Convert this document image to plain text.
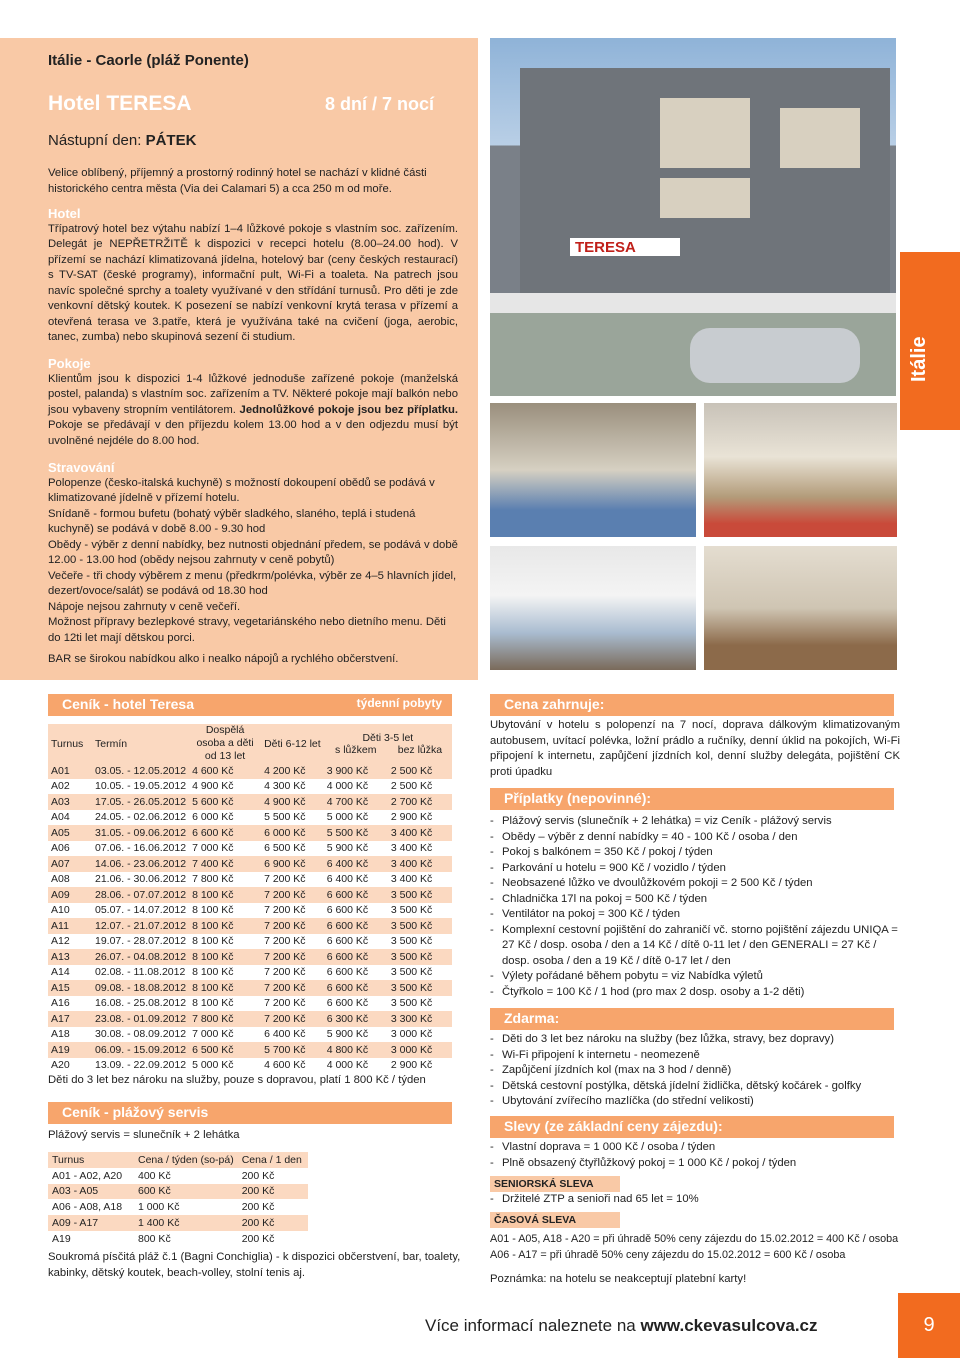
Itálie - Caorle (pláž Ponente)
Hotel TERESA	8 dní / 7 nocí
Nástupní den: PÁTEK
Velice oblíbený, příjemný a prostorný rodinný hotel se nachází v klidné části historického centra města (Via dei Calamari 5) a cca 250 m od moře.
Hotel
Třípatrový hotel bez výtahu nabízí 1–4 lůžkové pokoje s vlastním soc. zařízením. Delegát je NEPŘETRŽITĚ k dispozici v recepci hotelu (8.00–24.00 hod). V přízemí se nachází klimatizovaná jídelna, hotelový bar (ceny českých restaurací) s TV-SAT (české programy), informační pult, Wi-Fi a toaleta. Na patrech jsou navíc společné sprchy a toalety využívané v den střídání turnusů. Pro děti je zde venkovní dětský koutek. K posezení se nabízí venkovní krytá terasa v přízemí a otevřená terasa ve 3.patře, která je využívána také na cvičení (joga, aerobic, tanec, zumba) nebo skupinová sezení či studium.
Pokoje
Klientům jsou k dispozici 1-4 lůžkové jednoduše zařízené pokoje (manželská postel, palanda) s vlastním soc. zařízením a TV. Některé pokoje mají balkón nebo jsou vybaveny stropním ventilátorem. Jednolůžkové pokoje jsou bez příplatku. Pokoje se předávají v den příjezdu kolem 13.00 hod a v den odjezdu musí být uvolněné nejdéle do 8.00 hod.
Stravování
Polopenze (česko-italská kuchyně) s možností dokoupení obědů se podává v klimatizované jídelně v přízemí hotelu.
Snídaně - formou bufetu (bohatý výběr sladkého, slaného, teplá i studená kuchyně) se podává v době 8.00 - 9.30 hod
Obědy - výběr z denní nabídky, bez nutnosti objednání předem, se podává v době 12.00 - 13.00 hod (obědy nejsou zahrnuty v ceně pobytů)
Večeře - tři chody výběrem z menu (předkrm/polévka, výběr ze 4–5 hlavních jídel, dezert/ovoce/salát) se podává od 18.30 hod
Nápoje nejsou zahrnuty v ceně večeří.
Možnost přípravy bezlepkové stravy, vegetariánského nebo dietního menu. Děti do 12ti let mají dětskou porci.
BAR se širokou nabídkou alko i nealko nápojů a rychlého občerstvení.
TERESA
Itálie
Ceník - hotel Teresa	týdenní pobyty
Turnus	Termín	Dospělá osoba a děti od 13 let	Děti 6-12 let	Děti 3-5 let
s lůžkem bez lůžka	

A01	03.05. - 12.05.2012	4 600 Kč	4 200 Kč	3 900 Kč	2 500 Kč
A02	10.05. - 19.05.2012	4 900 Kč	4 300 Kč	4 000 Kč	2 500 Kč
A03	17.05. - 26.05.2012	5 600 Kč	4 900 Kč	4 700 Kč	2 700 Kč
A04	24.05. - 02.06.2012	6 000 Kč	5 500 Kč	5 000 Kč	2 900 Kč
A05	31.05. - 09.06.2012	6 600 Kč	6 000 Kč	5 500 Kč	3 400 Kč
A06	07.06. - 16.06.2012	7 000 Kč	6 500 Kč	5 900 Kč	3 400 Kč
A07	14.06. - 23.06.2012	7 400 Kč	6 900 Kč	6 400 Kč	3 400 Kč
A08	21.06. - 30.06.2012	7 800 Kč	7 200 Kč	6 400 Kč	3 400 Kč
A09	28.06. - 07.07.2012	8 100 Kč	7 200 Kč	6 600 Kč	3 500 Kč
A10	05.07. - 14.07.2012	8 100 Kč	7 200 Kč	6 600 Kč	3 500 Kč
A11	12.07. - 21.07.2012	8 100 Kč	7 200 Kč	6 600 Kč	3 500 Kč
A12	19.07. - 28.07.2012	8 100 Kč	7 200 Kč	6 600 Kč	3 500 Kč
A13	26.07. - 04.08.2012	8 100 Kč	7 200 Kč	6 600 Kč	3 500 Kč
A14	02.08. - 11.08.2012	8 100 Kč	7 200 Kč	6 600 Kč	3 500 Kč
A15	09.08. - 18.08.2012	8 100 Kč	7 200 Kč	6 600 Kč	3 500 Kč
A16	16.08. - 25.08.2012	8 100 Kč	7 200 Kč	6 600 Kč	3 500 Kč
A17	23.08. - 01.09.2012	7 800 Kč	7 200 Kč	6 300 Kč	3 300 Kč
A18	30.08. - 08.09.2012	7 000 Kč	6 400 Kč	5 900 Kč	3 000 Kč
A19	06.09. - 15.09.2012	6 500 Kč	5 700 Kč	4 800 Kč	3 000 Kč
A20	13.09. - 22.09.2012	5 000 Kč	4 600 Kč	4 000 Kč	2 900 Kč
Děti do 3 let bez nároku na služby, pouze s dopravou, platí 1 800 Kč / týden
Ceník - plážový servis
Plážový servis = slunečník + 2 lehátka
Turnus	Cena / týden (so-pá)	Cena / 1 den
A01 - A02, A20	400 Kč	200 Kč
A03 - A05	600 Kč	200 Kč
A06 - A08, A18	1 000 Kč	200 Kč
A09 - A17	1 400 Kč	200 Kč
A19	800 Kč	200 Kč
Soukromá písčitá pláž č.1 (Bagni Conchiglia) - k dispozici občerstvení, bar, toalety, kabinky, dětský koutek, beach-volley, stolní tenis aj.
Cena zahrnuje:
Ubytování v hotelu s polopenzí na 7 nocí, doprava dálkovým klimatizovaným autobusem, uvítací polévka, ložní prádlo a ručníky, denní úklid na pokojích, Wi-Fi připojení k internetu, zapůjčení jízdních kol, denní služby delegáta, pojištění CK proti úpadku
Příplatky (nepovinné):
- Plážový servis (slunečník + 2 lehátka) = viz Ceník - plážový servis
- Obědy – výběr z denní nabídky = 40 - 100 Kč / osoba / den
- Pokoj s balkónem = 350 Kč / pokoj / týden
- Parkování u hotelu = 900 Kč / vozidlo / týden
- Neobsazené lůžko ve dvoulůžkovém pokoji = 2 500 Kč / týden
- Chladnička 17l na pokoj = 500 Kč / týden
- Ventilátor na pokoj = 300 Kč / týden
- Komplexní cestovní pojištění do zahraničí vč. storno pojištění zájezdu UNIQA = 27 Kč / dosp. osoba / den a 14 Kč / dítě 0-11 let / den GENERALI = 27 Kč / dosp. osoba / den a 19 Kč / dítě 0-17 let / den
- Výlety pořádané během pobytu = viz Nabídka výletů
- Čtyřkolo = 100 Kč / 1 hod (pro max 2 dosp. osoby a 1-2 děti)
Zdarma:
- Děti do 3 let bez nároku na služby (bez lůžka, stravy, bez dopravy)
- Wi-Fi připojení k internetu - neomezeně
- Zapůjčení jízdních kol (max na 3 hod / denně)
- Dětská cestovní postýlka, dětská jídelní židlička, dětský kočárek - golfky
- Ubytování zvířecího mazlíčka (do střední velikosti)
Slevy (ze základní ceny zájezdu):
- Vlastní doprava = 1 000 Kč / osoba / týden
- Plně obsazený čtyřlůžkový pokoj = 1 000 Kč / pokoj / týden
SENIORSKÁ SLEVA
- Držitelé ZTP a senioři nad 65 let = 10%
ČASOVÁ SLEVA
A01 - A05, A18 - A20 = při úhradě 50% ceny zájezdu do 15.02.2012 = 400 Kč / osoba
A06 - A17 = při úhradě 50% ceny zájezdu do 15.02.2012 = 600 Kč / osoba
Poznámka: na hotelu se neakceptují platební karty!
Více informací naleznete na www.ckevasulcova.cz	9
